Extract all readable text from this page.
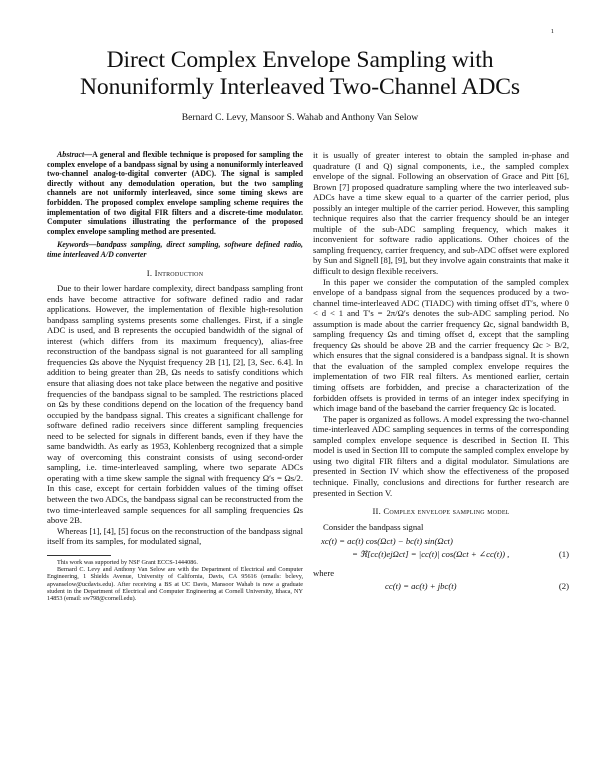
1
Direct Complex Envelope Sampling with
Nonuniformly Interleaved Two-Channel ADCs
Bernard C. Levy, Mansoor S. Wahab and Anthony Van Selow

Abstract—A general and flexible technique is proposed for sampling the complex envelope of a bandpass signal by using a nonuniformly interleaved two-channel analog-to-digital converter (ADC). The signal is sampled directly without any demodulation operation, but the two sampling channels are not uniformly interleaved, since some timing skews are forbidden. The proposed complex envelope sampling scheme requires the implementation of two digital FIR filters and a discrete-time modulator. Computer simulations illustrating the performance of the proposed complex envelope sampling method are presented.

Keywords—bandpass sampling, direct sampling, software defined radio, time interleaved A/D converter

I. Introduction

Due to their lower hardare complexity, direct bandpass sampling front ends have become attractive for software defined radio and radar applications. However, the implementation of flexible high-resolution bandpass sampling systems presents some challenges. First, if a single ADC is used, and B represents the occupied bandwidth of the signal of interest (which differs from its maximum frequency), alias-free reconstruction of the bandpass signal is not guaranteed for all sampling frequencies Ωs above the Nyquist frequency 2B [1], [2], [3, Sec. 6.4]. In addition to being greater than 2B, Ωs needs to satisfy conditions which ensure that aliasing does not take place between the negative and positive frequencies of the bandpass signal to be sampled. The restrictions placed on Ωs by these conditions depend on the location of the frequency band occupied by the bandpass signal. This creates a significant challenge for software defined radio receivers since different sampling frequencies need to be selected for signals in different bands, even if they have the same bandwidth. As early as 1953, Kohlenberg recognized that a simple way of overcoming this constraint consists of using second-order sampling, i.e. time-interleaved sampling, where two separate ADCs operating with a time skew sample the signal with frequency Ω′s = Ωs/2. In this case, except for certain forbidden values of the timing offset between the two ADCs, the bandpass signal can be reconstructed from the two time-interleaved sample sequences for all sampling frequencies Ωs above 2B.

Whereas [1], [4], [5] focus on the reconstruction of the bandpass signal itself from its samples, for modulated signal,

This work was supported by NSF Grant ECCS-1444086.

Bernard C. Levy and Anthony Van Selow are with the Department of Electrical and Computer Engineering, 1 Shields Avenue, University of California, Davis, CA 95616 (emails: bclevy, apvanselow@ucdavis.edu). After receiving a BS at UC Davis, Mansoor Wahab is now a graduate student in the Department of Electrical and Computer Engineering at Cornell University, Ithaca, NY 14853 (email: sw798@cornell.edu).

it is usually of greater interest to obtain the sampled in-phase and quadrature (I and Q) signal components, i.e., the sampled complex envelope of the signal. Following an observation of Grace and Pitt [6], Brown [7] proposed quadrature sampling where the two interleaved sub-ADCs have a time skew equal to a quarter of the carrier period, plus possibly an integer multiple of the carrier period. However, this sampling technique requires also that the carrier frequency should be an integer multiple of the sub-ADC sampling frequency, which makes it inconvenient for software radio applications. Other choices of the sampling frequency, carrier frequency, and sub-ADC offset were explored by Sun and Signell [8], [9], but they involve again constraints that make it difficult to design flexible receivers.

In this paper we consider the computation of the sampled complex envelope of a bandpass signal from the sequences produced by a two-channel time-interleaved ADC (TIADC) with timing offset dT′s, where 0 < d < 1 and T′s = 2π/Ω′s denotes the sub-ADC sampling period. No assumption is made about the carrier frequency Ωc, signal bandwidth B, sampling frequency Ωs and timing offset d, except that the sampling frequency Ωs should be above 2B and the carrier frequency Ωc > B/2, which ensures that the signal considered is a bandpass signal. It is shown that the evaluation of the sampled complex envelope requires the implementation of two FIR real filters. As mentioned earlier, certain timing offsets are forbidden, and precise a characterization of the forbidden offsets is provided in terms of an integer index specifying in which image band of the baseband the carrier frequency Ωc is located.

The paper is organized as follows. A model expressing the two-channel time-interleaved ADC sampling sequences in terms of the corresponding sampled complex envelope sequence is described in Section II. This model is used in Section III to compute the sampled complex envelope by using two digital FIR filters and a digital modulator. Simulations are presented in Section IV which show the effectiveness of the proposed technique. Finally, conclusions and directions for further research are presented in Section V.

II. Complex envelope sampling model

Consider the bandpass signal

xc(t) = ac(t) cos(Ωct) − bc(t) sin(Ωct)
= ℜ[cc(t)ejΩct] = |cc(t)| cos(Ωct + ∠cc(t)) ,	(1)

where

cc(t) = ac(t) + jbc(t)	(2)
